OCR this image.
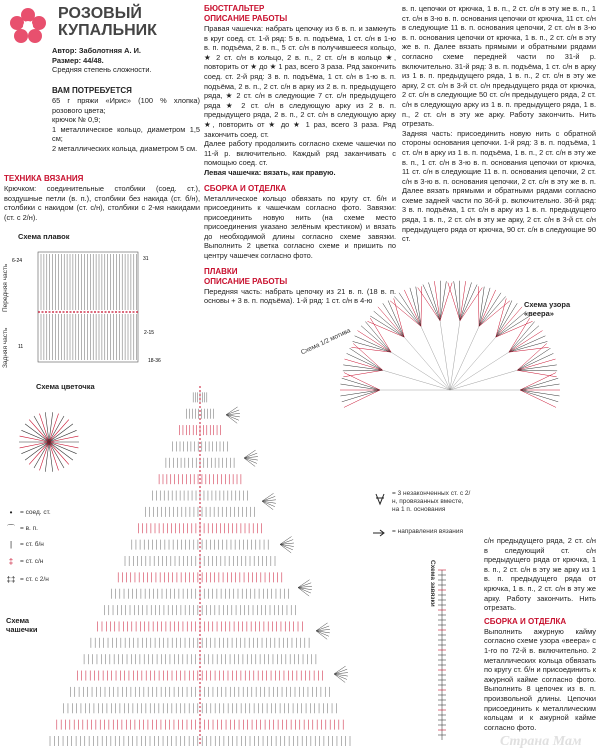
РОЗОВЫЙ
КУПАЛЬНИК
Автор: Заболотняя А. И.
Размер: 44/48.
Средняя степень сложности.
ВАМ ПОТРЕБУЕТСЯ
65 г пряжи «Ирис» (100 % хлопка) розового цвета;
крючок № 0,9;
1 металлическое кольцо, диаметром 1,5 см;
2 металлических кольца, диаметром 5 см.
ТЕХНИКА ВЯЗАНИЯ
Крючком: соединительные столбики (соед. ст.), воздушные петли (в. п.), столбики без накида (ст. б/н), столбики с накидом (ст. с/н), столбики с 2-мя накидами (ст. с 2/н).
БЮСТГАЛЬТЕР
ОПИСАНИЕ РАБОТЫ
Правая чашечка: набрать цепочку из 6 в. п. и замкнуть в круг соед. ст. 1-й ряд: 5 в. п. подъёма, 1 ст. с/н в 1-ю в. п. подъёма, 2 в. п., 5 ст. с/н в получившееся кольцо, ★ 2 ст. с/н в кольцо, 2 в. п., 2 ст. с/н в кольцо ★, повторить от ★ до ★ 1 раз, всего 3 раза. Ряд закончить соед. ст. 2-й ряд: 3 в. п. подъёма, 1 ст. с/н в 1-ю в. п. подъёма, 2 в. п., 2 ст. с/н в арку из 2 в. п. предыдущего ряда, ★ 2 ст. с/н в следующие 7 ст. с/н предыдущего ряда ★ 2 ст. с/н в следующую арку из 2 в. п. предыдущего ряда, 2 в. п., 2 ст. с/н в следующую арку ★, повторить от ★ до ★ 1 раз, всего 3 раза. Ряд закончить соед. ст.
Далее работу продолжить согласно схеме чашечки по 11-й р. включительно. Каждый ряд заканчивать с помощью соед. ст.
Левая чашечка: вязать, как правую.
СБОРКА И ОТДЕЛКА
Металлическое кольцо обвязать по кругу ст. б/н и присоединить к чашечкам согласно фото. Завязки: присоединить новую нить (на схеме место присоединения указано зелёным крестиком) и вязать до необходимой длины согласно схеме завязки. Выполнить 2 цветка согласно схеме и пришить по центру чашечек согласно фото.
ПЛАВКИ
ОПИСАНИЕ РАБОТЫ
Передняя часть: набрать цепочку из 21 в. п. (18 в. п. основы + 3 в. п. подъёма). 1-й ряд: 1 ст. с/н в 4-ю
в. п. цепочки от крючка, 1 в. п., 2 ст. с/н в эту же в. п., 1 ст. с/н в 3-ю в. п. основания цепочки от крючка, 11 ст. с/н в следующие 11 в. п. основания цепочки, 2 ст. с/н в 3-ю в. п. основания цепочки от крючка, 1 в. п., 2 ст. с/н в эту же в. п. Далее вязать прямыми и обратными рядами согласно схеме передней части по 31-й р. включительно. 31-й ряд: 3 в. п. подъёма, 1 ст. с/н в арку из 1 в. п. предыдущего ряда, 1 в. п., 2 ст. с/н в эту же арку, 2 ст. с/н в 3-й ст. с/н предыдущего ряда от крючка, 2 ст. с/н в следующие 50 ст. с/н предыдущего ряда, 2 ст. с/н в следующую арку из 1 в. п. предыдущего ряда, 1 в. п., 2 ст. с/н в эту же арку. Работу закончить. Нить отрезать.
Задняя часть: присоединить новую нить с обратной стороны основания цепочки. 1-й ряд: 3 в. п. подъёма, 1 ст. с/н в арку из 1 в. п. подъёма, 1 в. п., 2 ст. с/н в эту же в. п., 1 ст. с/н в 3-ю в. п. основания цепочки от крючка, 11 ст. с/н в следующие 11 в. п. основания цепочки, 2 ст. с/н в 3-ю в. п. основания цепочки, 2 ст. с/н в эту же в. п. Далее вязать прямыми и обратными рядами согласно схеме задней части по 36-й р. включительно. 36-й ряд: 3 в. п. подъёма, 1 ст. с/н в арку из 1 в. п. предыдущего ряда, 1 в. п., 2 ст. с/н в эту же арку, 2 ст. с/н в 3-й ст. с/н предыдущего ряда от крючка, 90 ст. с/н в следующие 90 ст.
Схема плавок
6-24	31
2-15
11
18-36
Передняя часть
Задняя часть
Схема цветочка
•	= соед. ст.
⌒ = в. п.
|	= ст. б/н
‡	= ст. с/н
‡‡ = ст. с 2/н
Схема чашечки
Схема узора «веера»
Схема 1/2 мотива
= 3 незаконченных ст. с 2/н, провязанных вместе, на 1 п. основания
= направления вязания
Схема завязки
с/н предыдущего ряда, 2 ст. с/н в следующий ст. с/н предыдущего ряда от крючка, 1 в. п., 2 ст. с/н в эту же арку из 1 в. п. предыдущего ряда от крючка, 1 в. п., 2 ст. с/н в эту же арку. Работу закончить. Нить отрезать.
СБОРКА И ОТДЕЛКА
Выполнить ажурную кайму согласно схеме узора «веера» с 1-го по 72-й в. включительно. 2 металлических кольца обвязать по кругу ст. б/н и присоединить к ажурной кайме согласно фото. Выполнить 8 цепочек из в. п. произвольной длины. Цепочки присоединить к металлическим кольцам и к ажурной кайме согласно фото.
Страна Мам
